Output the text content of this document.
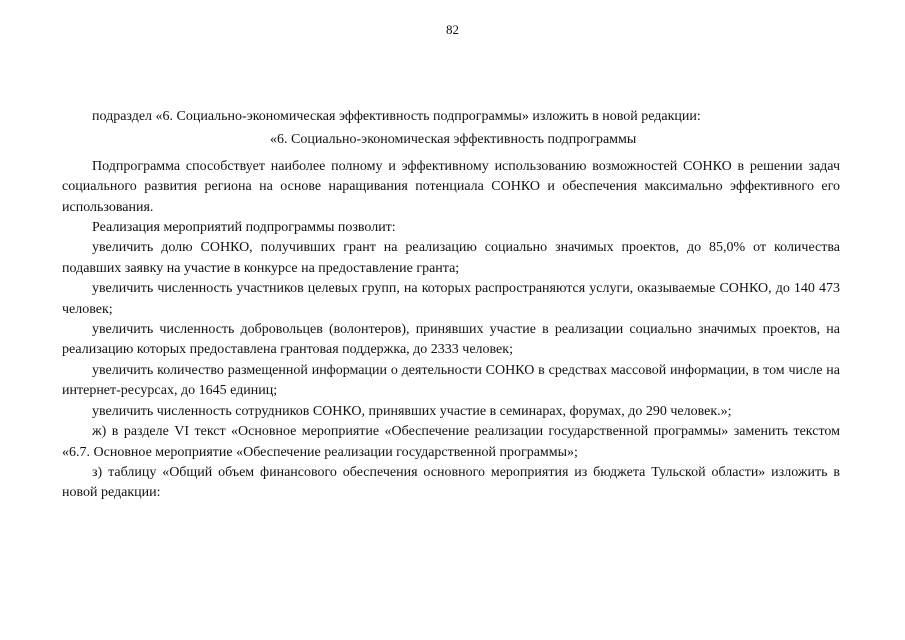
82

подраздел «6. Социально-экономическая эффективность подпрограммы» изложить в новой редакции:

«6. Социально-экономическая эффективность подпрограммы

Подпрограмма способствует наиболее полному и эффективному использованию возможностей СОНКО в решении задач социального развития региона на основе наращивания потенциала СОНКО и обеспечения максимально эффективного его использования.

Реализация мероприятий подпрограммы позволит:

увеличить долю СОНКО, получивших грант на реализацию социально значимых проектов, до 85,0% от количества подавших заявку на участие в конкурсе на предоставление гранта;

увеличить численность участников целевых групп, на которых распространяются услуги, оказываемые СОНКО, до 140 473 человек;

увеличить численность добровольцев (волонтеров), принявших участие в реализации социально значимых проектов, на реализацию которых предоставлена грантовая поддержка, до 2333 человек;

увеличить количество размещенной информации о деятельности СОНКО в средствах массовой информации, в том числе на интернет-ресурсах, до 1645 единиц;

увеличить численность сотрудников СОНКО, принявших участие в семинарах, форумах, до 290 человек.»;

ж) в разделе VI текст «Основное мероприятие «Обеспечение реализации государственной программы» заменить текстом «6.7. Основное мероприятие «Обеспечение реализации государственной программы»;

з) таблицу «Общий объем финансового обеспечения основного мероприятия из бюджета Тульской области» изложить в новой редакции:
